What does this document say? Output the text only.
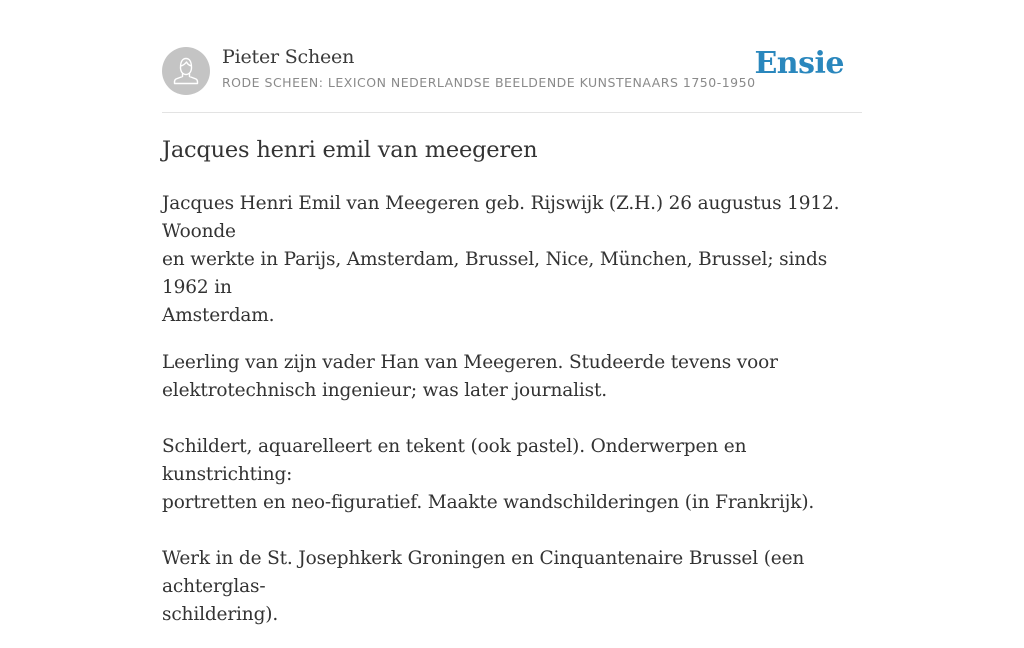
Pieter Scheen
RODE SCHEEN: LEXICON NEDERLANDSE BEELDENDE KUNSTENAARS 1750-1950
Ensie
Jacques henri emil van meegeren

Jacques Henri Emil van Meegeren geb. Rijswijk (Z.H.) 26 augustus 1912. Woonde
en werkte in Parijs, Amsterdam, Brussel, Nice, München, Brussel; sinds 1962 in
Amsterdam.

Leerling van zijn vader Han van Meegeren. Studeerde tevens voor
elektrotechnisch ingenieur; was later journalist.
Schildert, aquarelleert en tekent (ook pastel). Onderwerpen en kunstrichting:
portretten en neo-figuratief. Maakte wandschilderingen (in Frankrijk).
Werk in de St. Josephkerk Groningen en Cinquantenaire Brussel (een achterglas-
schildering).
